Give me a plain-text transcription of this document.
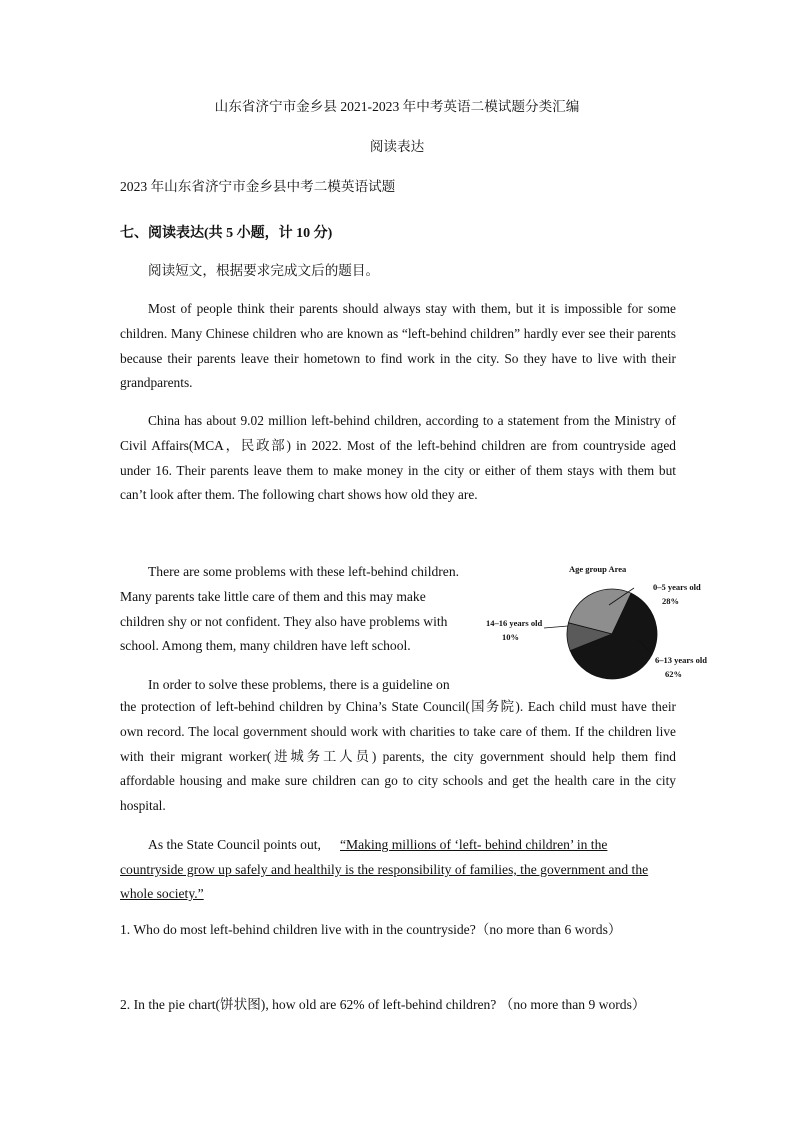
山东省济宁市金乡县 2021-2023 年中考英语二模试题分类汇编
阅读表达
2023 年山东省济宁市金乡县中考二模英语试题
七、阅读表达(共 5 小题，计 10 分)
阅读短文，根据要求完成文后的题目。

Most of people think their parents should always stay with them, but it is impossible for some children. Many Chinese children who are known as “left-behind children” hardly ever see their parents because their parents leave their hometown to find work in the city. So they have to live with their grandparents.

China has about 9.02 million left-behind children, according to a statement from the Ministry of Civil Affairs(MCA，民政部) in 2022. Most of the left-behind children are from countryside aged under 16. Their parents leave them to make money in the city or either of them stays with them but can’t look after them. The following chart shows how old they are.

There are some problems with these left-behind children.
Many parents take little care of them and this may make
children shy or not confident. They also have problems with
school. Among them, many children have left school.
Age group Area
0–5 years old
28%
14–16 years old
10%
6–13 years old
62%
In order to solve these problems, there is a guideline on

the protection of left-behind children by China’s State Council(国务院). Each child must have their own record. The local government should work with charities to take care of them. If the children live with their migrant worker(进城务工人员) parents, the city government should help them find affordable housing and make sure children can go to city schools and get the health care in the city hospital.

As the State Council points out, “Making millions of ‘left- behind children’ in the
countryside grow up safely and healthily is the responsibility of families, the government and the
whole society.”
1. Who do most left-behind children live with in the countryside?（no more than 6 words）
2. In the pie chart(饼状图), how old are 62% of left-behind children? （no more than 9 words）
